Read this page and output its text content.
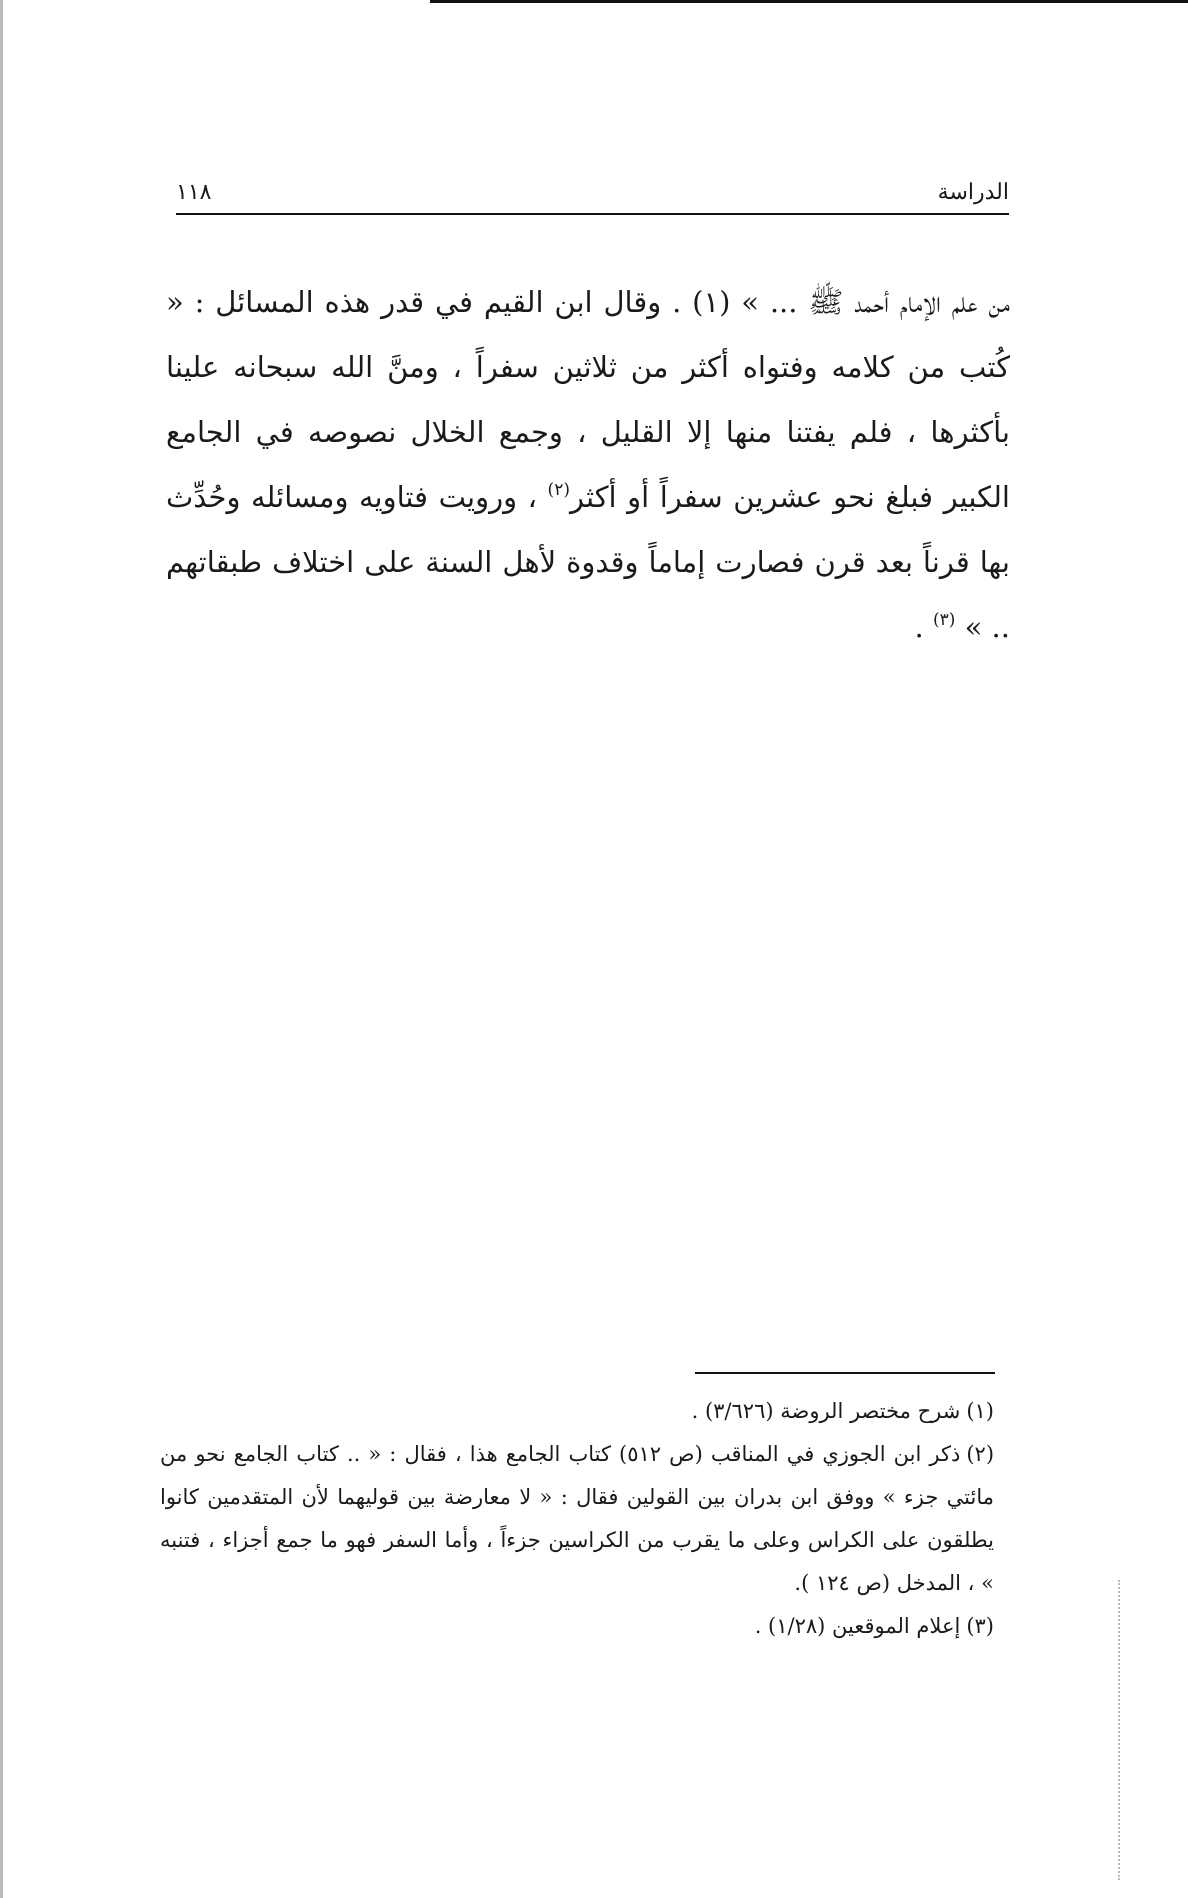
الدراسة
١١٨

من علم الإمام أحمد ﷺ ... » (١) . وقال ابن القيم في قدر هذه المسائل : « كُتب من كلامه وفتواه أكثر من ثلاثين سفراً ، ومنَّ الله سبحانه علينا بأكثرها ، فلم يفتنا منها إلا القليل ، وجمع الخلال نصوصه في الجامع الكبير فبلغ نحو عشرين سفراً أو أكثر$^{(٢)}$ ، ورويت فتاويه ومسائله وحُدِّث بها قرناً بعد قرن فصارت إماماً وقدوة لأهل السنة على اختلاف طبقاتهم .. » $^{(٣)}$ .

(١)شرح مختصر الروضة (٣/٦٢٦) .

(٢)ذكر ابن الجوزي في المناقب (ص ٥١٢) كتاب الجامع هذا ، فقال : « .. كتاب الجامع نحو من مائتي جزء » ووفق ابن بدران بين القولين فقال : « لا معارضة بين قوليهما لأن المتقدمين كانوا يطلقون على الكراس وعلى ما يقرب من الكراسين جزءاً ، وأما السفر فهو ما جمع أجزاء ، فتنبه » ، المدخل (ص ١٢٤ ).

(٣)إعلام الموقعين (١/٢٨) .
